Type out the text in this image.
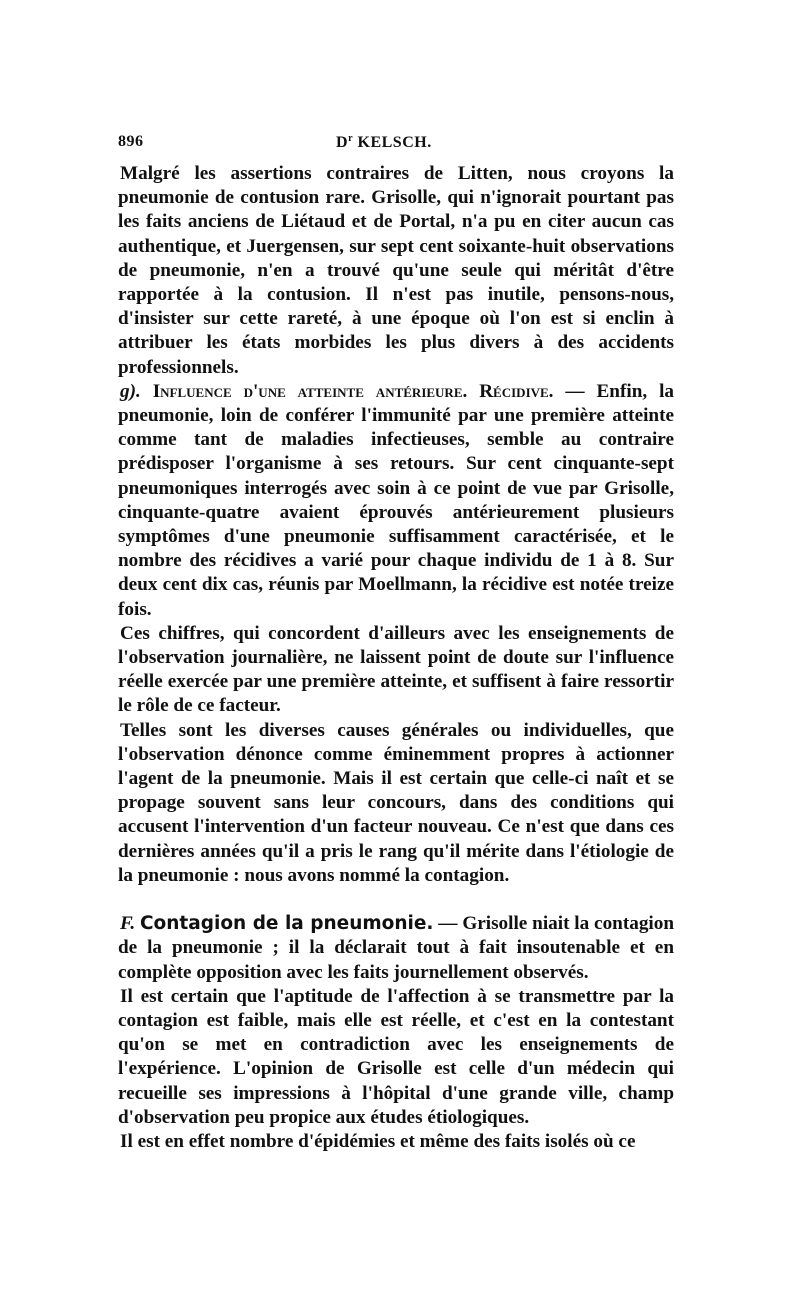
896	$D^r$ KELSCH.

Malgré les assertions contraires de Litten, nous croyons la pneumonie de contusion rare. Grisolle, qui n'ignorait pourtant pas les faits anciens de Liétaud et de Portal, n'a pu en citer aucun cas authentique, et Juergensen, sur sept cent soixante-huit observations de pneumonie, n'en a trouvé qu'une seule qui méritât d'être rapportée à la contusion. Il n'est pas inutile, pensons-nous, d'insister sur cette rareté, à une époque où l'on est si enclin à attribuer les états morbides les plus divers à des accidents professionnels.

g). Influence d'une atteinte antérieure. Récidive. — Enfin, la pneumonie, loin de conférer l'immunité par une première atteinte comme tant de maladies infectieuses, semble au contraire prédisposer l'organisme à ses retours. Sur cent cinquante-sept pneumoniques interrogés avec soin à ce point de vue par Grisolle, cinquante-quatre avaient éprouvés antérieurement plusieurs symptômes d'une pneumonie suffisamment caractérisée, et le nombre des récidives a varié pour chaque individu de 1 à 8. Sur deux cent dix cas, réunis par Moellmann, la récidive est notée treize fois.

Ces chiffres, qui concordent d'ailleurs avec les enseignements de l'observation journalière, ne laissent point de doute sur l'influence réelle exercée par une première atteinte, et suffisent à faire ressortir le rôle de ce facteur.

Telles sont les diverses causes générales ou individuelles, que l'observation dénonce comme éminemment propres à actionner l'agent de la pneumonie. Mais il est certain que celle-ci naît et se propage souvent sans leur concours, dans des conditions qui accusent l'intervention d'un facteur nouveau. Ce n'est que dans ces dernières années qu'il a pris le rang qu'il mérite dans l'étiologie de la pneumonie : nous avons nommé la contagion.

F. Contagion de la pneumonie. — Grisolle niait la contagion de la pneumonie ; il la déclarait tout à fait insoutenable et en complète opposition avec les faits journellement observés.

Il est certain que l'aptitude de l'affection à se transmettre par la contagion est faible, mais elle est réelle, et c'est en la contestant qu'on se met en contradiction avec les enseignements de l'expérience. L'opinion de Grisolle est celle d'un médecin qui recueille ses impressions à l'hôpital d'une grande ville, champ d'observation peu propice aux études étiologiques.

Il est en effet nombre d'épidémies et même des faits isolés où ce
